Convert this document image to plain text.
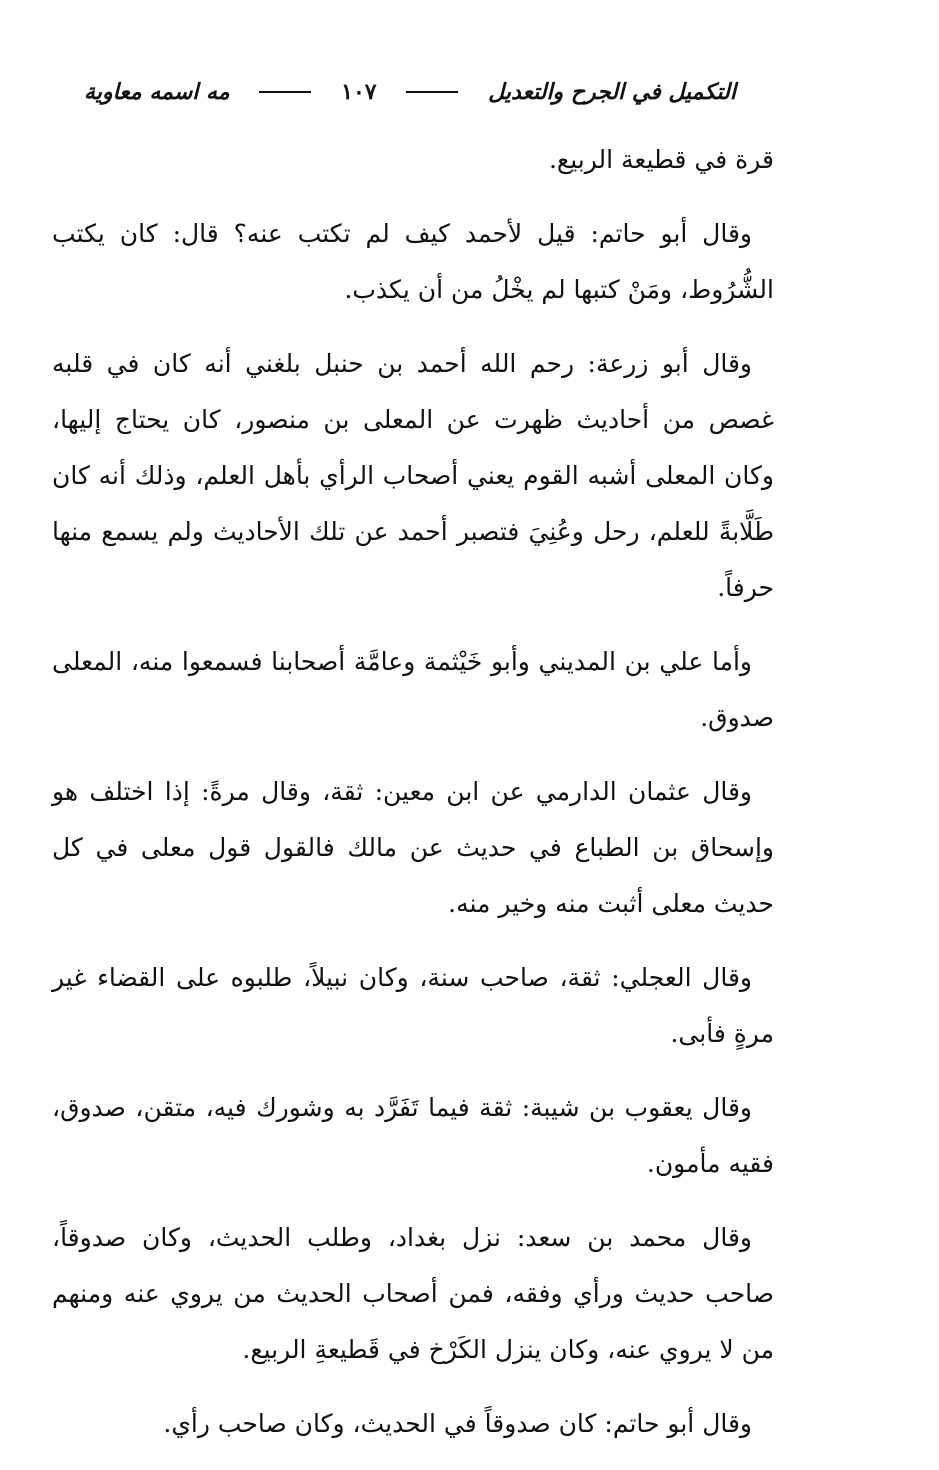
التكميل في الجرح والتعديل
١٠٧
مه اسمه معاوية

قرة في قطيعة الربيع.

وقال أبو حاتم: قيل لأحمد كيف لم تكتب عنه؟ قال: كان يكتب الشُّرُوط، ومَنْ كتبها لم يخْلُ من أن يكذب.

وقال أبو زرعة: رحم الله أحمد بن حنبل بلغني أنه كان في قلبه غصص من أحاديث ظهرت عن المعلى بن منصور، كان يحتاج إليها، وكان المعلى أشبه القوم يعني أصحاب الرأي بأهل العلم، وذلك أنه كان طَلَّابةً للعلم، رحل وعُنِيَ فتصبر أحمد عن تلك الأحاديث ولم يسمع منها حرفاً.

وأما علي بن المديني وأبو خَيْثمة وعامَّة أصحابنا فسمعوا منه، المعلى صدوق.

وقال عثمان الدارمي عن ابن معين: ثقة، وقال مرةً: إذا اختلف هو وإسحاق بن الطباع في حديث عن مالك فالقول قول معلى في كل حديث معلى أثبت منه وخير منه.

وقال العجلي: ثقة، صاحب سنة، وكان نبيلاً، طلبوه على القضاء غير مرةٍ فأبى.

وقال يعقوب بن شيبة: ثقة فيما تَفَرَّد به وشورك فيه، متقن، صدوق، فقيه مأمون.

وقال محمد بن سعد: نزل بغداد، وطلب الحديث، وكان صدوقاً، صاحب حديث ورأي وفقه، فمن أصحاب الحديث من يروي عنه ومنهم من لا يروي عنه، وكان ينزل الكَرْخ في قَطيعةِ الربيع.

وقال أبو حاتم: كان صدوقاً في الحديث، وكان صاحب رأي.
